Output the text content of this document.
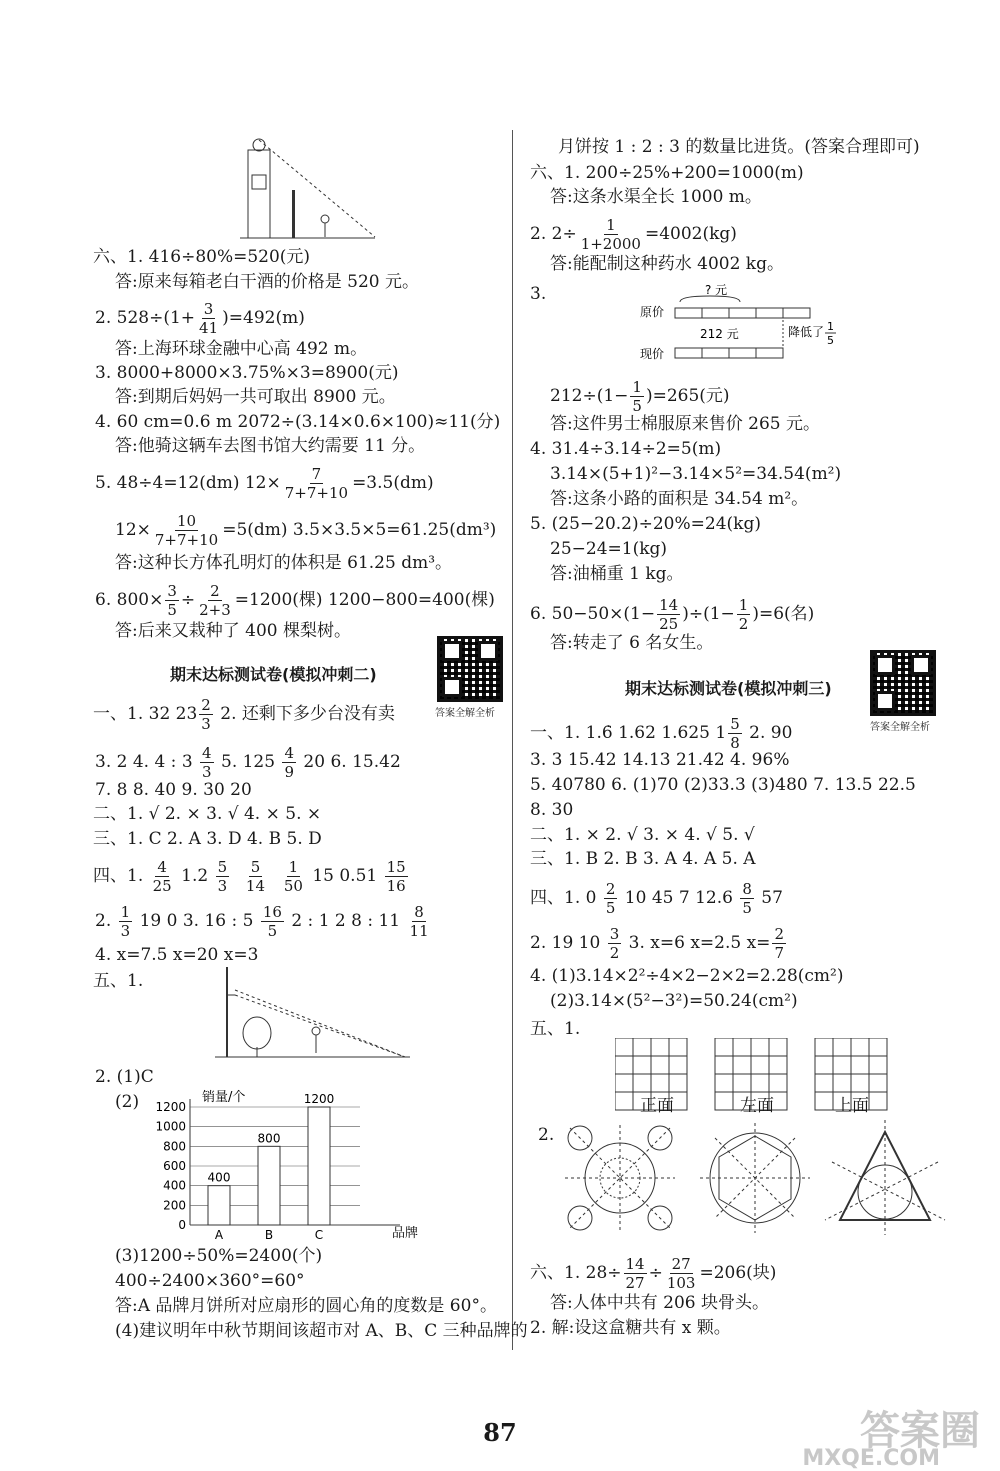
六、1. 416÷80%=520(元)
答:原来每箱老白干酒的价格是 520 元。
2. $528\div(1+ \frac{3}{41} )=492(m)$
答:上海环球金融中心高 492 m。
3. 8000+8000×3.75%×3=8900(元)
答:到期后妈妈一共可取出 8900 元。
4. 60 cm=0.6 m 2072÷(3.14×0.6×100)≈11(分)
答:他骑这辆车去图书馆大约需要 11 分。
5. 48÷4=12(dm) $12\times \frac{7}{7+7+10} =3.5(dm)$
$12\times \frac{10}{7+7+10} =5(dm)$ 3.5×3.5×5=61.25(dm³)
答:这种长方体孔明灯的体积是 61.25 dm³。
6. $800\times \frac{3}{5} \div \frac{2}{2+3} =1200$(棵) 1200−800=400(棵)
答:后来又栽种了 400 棵梨树。
期末达标测试卷(模拟冲刺二)
答案全解全析
一、1. 32 $23 \frac{2}{3} 2$. 还剩下多少台没有卖
3. 2 4. 4 : $3 \frac{4}{3} 5$. $125 \frac{4}{9} 20$ 6. 15.42
7. 8 8. 40 9. 30 20
二、1. √ 2. × 3. √ 4. × 5. ×
三、1. C 2. A 3. D 4. B 5. D
四、1. $\frac{4}{25} 1.2 \frac{5}{3}$
$\frac{5}{14}$
$\frac{1}{50} 15$ $0.51 \frac{15}{16}$
2. $\frac{1}{3} 19$ 0 3. 16 : $5 \frac{16}{5} 2$ : 1 2 8 : $11 \frac{8}{11}$
4. x=7.5 x=20 x=3
五、1.
2. (1)C
(2)	销量/个
品牌
0
200
400
600
800
1000
1200
400
A
800
B
1200
C
(3)1200÷50%=2400(个)
400÷2400×360°=60°
答:A 品牌月饼所对应扇形的圆心角的度数是 60°。
(4)建议明年中秋节期间该超市对 A、B、C 三种品牌的
月饼按 1 : 2 : 3 的数量比进货。(答案合理即可)
六、1. 200÷25%+200=1000(m)
答:这条水渠全长 1000 m。
2. $2\div \frac{1}{1+2000} =4002(kg)$
答:能配制这种药水 4002 kg。
3.	? 元
原价
212 元
现价
降低了 1
5
$212\div(1- \frac{1}{5} )=265$(元)
答:这件男士棉服原来售价 265 元。
4. 31.4÷3.14÷2=5(m)
3.14×(5+1)²−3.14×5²=34.54(m²)
答:这条小路的面积是 34.54 m²。
5. (25−20.2)÷20%=24(kg)
25−24=1(kg)
答:油桶重 1 kg。
6. $50-50\times(1- \frac{14}{25} )\div(1- \frac{1}{2} )=6$(名)
答:转走了 6 名女生。
期末达标测试卷(模拟冲刺三)
答案全解全析
一、1. 1.6̇ 1.62 1.625 $1 \frac{5}{8} 2$. 90
3. 3 15.42 14.13 21.42 4. 96%
5. 40780 6. (1)70 (2)33.3 (3)480 7. 13.5 22.5
8. 30
二、1. × 2. √ 3. × 4. √ 5. √
三、1. B 2. B 3. A 4. A 5. A
四、1. $0 \frac{2}{5} 10$ 45 7 $12.6 \frac{8}{5} 57$
2. 19 $10 \frac{3}{2} 3$. x=6 x=2.5 $x= \frac{2}{7}$
4. (1)3.14×2²÷4×2−2×2=2.28(cm²)
(2)3.14×(5²−3²)=50.24(cm²)
五、1.
正面	左面	上面
2.
六、1. $28\div \frac{14}{27} \div \frac{27}{103} =206$(块)
答:人体中共有 206 块骨头。
2. 解:设这盒糖共有 x 颗。
87	答案圈
MXQE.COM
